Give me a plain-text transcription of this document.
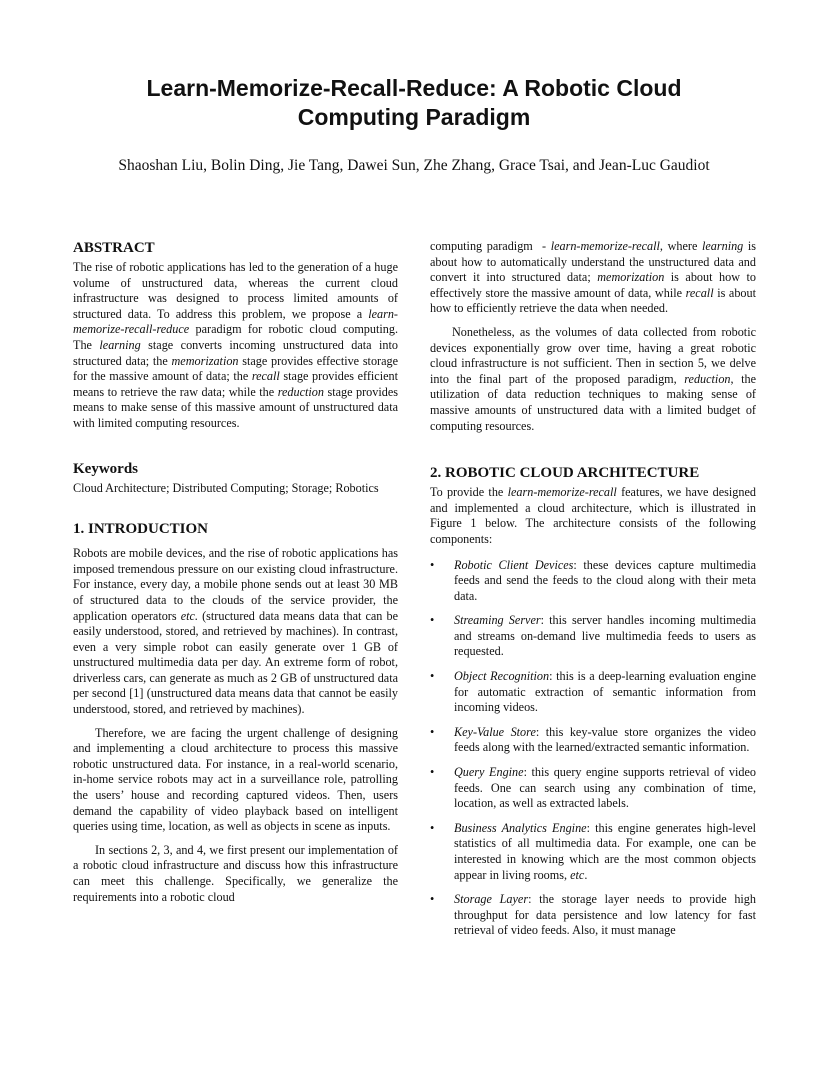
Learn-Memorize-Recall-Reduce: A Robotic Cloud
Computing Paradigm

Shaoshan Liu, Bolin Ding, Jie Tang, Dawei Sun, Zhe Zhang, Grace Tsai, and Jean-Luc Gaudiot

ABSTRACT

The rise of robotic applications has led to the generation of a huge volume of unstructured data, whereas the current cloud infrastructure was designed to process limited amounts of structured data. To address this problem, we propose a learn-memorize-recall-reduce paradigm for robotic cloud computing. The learning stage converts incoming unstructured data into structured data; the memorization stage provides effective storage for the massive amount of data; the recall stage provides efficient means to retrieve the raw data; while the reduction stage provides means to make sense of this massive amount of unstructured data with limited computing resources.

Keywords

Cloud Architecture; Distributed Computing; Storage; Robotics

1. INTRODUCTION

Robots are mobile devices, and the rise of robotic applications has imposed tremendous pressure on our existing cloud infrastructure. For instance, every day, a mobile phone sends out at least 30 MB of structured data to the clouds of the service provider, the application operators etc. (structured data means data that can be easily understood, stored, and retrieved by machines). In contrast, even a very simple robot can easily generate over 1 GB of unstructured multimedia data per day. An extreme form of robot, driverless cars, can generate as much as 2 GB of unstructured data per second [1] (unstructured data means data that cannot be easily understood, stored, and retrieved by machines).

Therefore, we are facing the urgent challenge of designing and implementing a cloud architecture to process this massive robotic unstructured data. For instance, in a real-world scenario, in-home service robots may act in a surveillance role, patrolling the users’ house and recording captured videos. Then, users demand the capability of video playback based on intelligent queries using time, location, as well as objects in scene as inputs.

In sections 2, 3, and 4, we first present our implementation of a robotic cloud infrastructure and discuss how this infrastructure can meet this challenge. Specifically, we generalize the requirements into a robotic cloud

computing paradigm  - learn-memorize-recall, where learning is about how to automatically understand the unstructured data and convert it into structured data; memorization is about how to effectively store the massive amount of data, while recall is about how to efficiently retrieve the data when needed.

Nonetheless, as the volumes of data collected from robotic devices exponentially grow over time, having a great robotic cloud infrastructure is not sufficient. Then in section 5, we delve into the final part of the proposed paradigm, reduction, the utilization of data reduction techniques to making sense of massive amounts of unstructured data with a limited budget of computing resources.

2. ROBOTIC CLOUD ARCHITECTURE

To provide the learn-memorize-recall features, we have designed and implemented a cloud architecture, which is illustrated in Figure 1 below. The architecture consists of the following components:

• Robotic Client Devices: these devices capture multimedia feeds and send the feeds to the cloud along with their meta data.
• Streaming Server: this server handles incoming multimedia and streams on-demand live multimedia feeds to users as requested.
• Object Recognition: this is a deep-learning evaluation engine for automatic extraction of semantic information from incoming videos.
• Key-Value Store: this key-value store organizes the video feeds along with the learned/extracted semantic information.
• Query Engine: this query engine supports retrieval of video feeds. One can search using any combination of time, location, as well as extracted labels.
• Business Analytics Engine: this engine generates high-level statistics of all multimedia data. For example, one can be interested in knowing which are the most common objects appear in living rooms, etc.
• Storage Layer: the storage layer needs to provide high throughput for data persistence and low latency for fast retrieval of video feeds. Also, it must manage
